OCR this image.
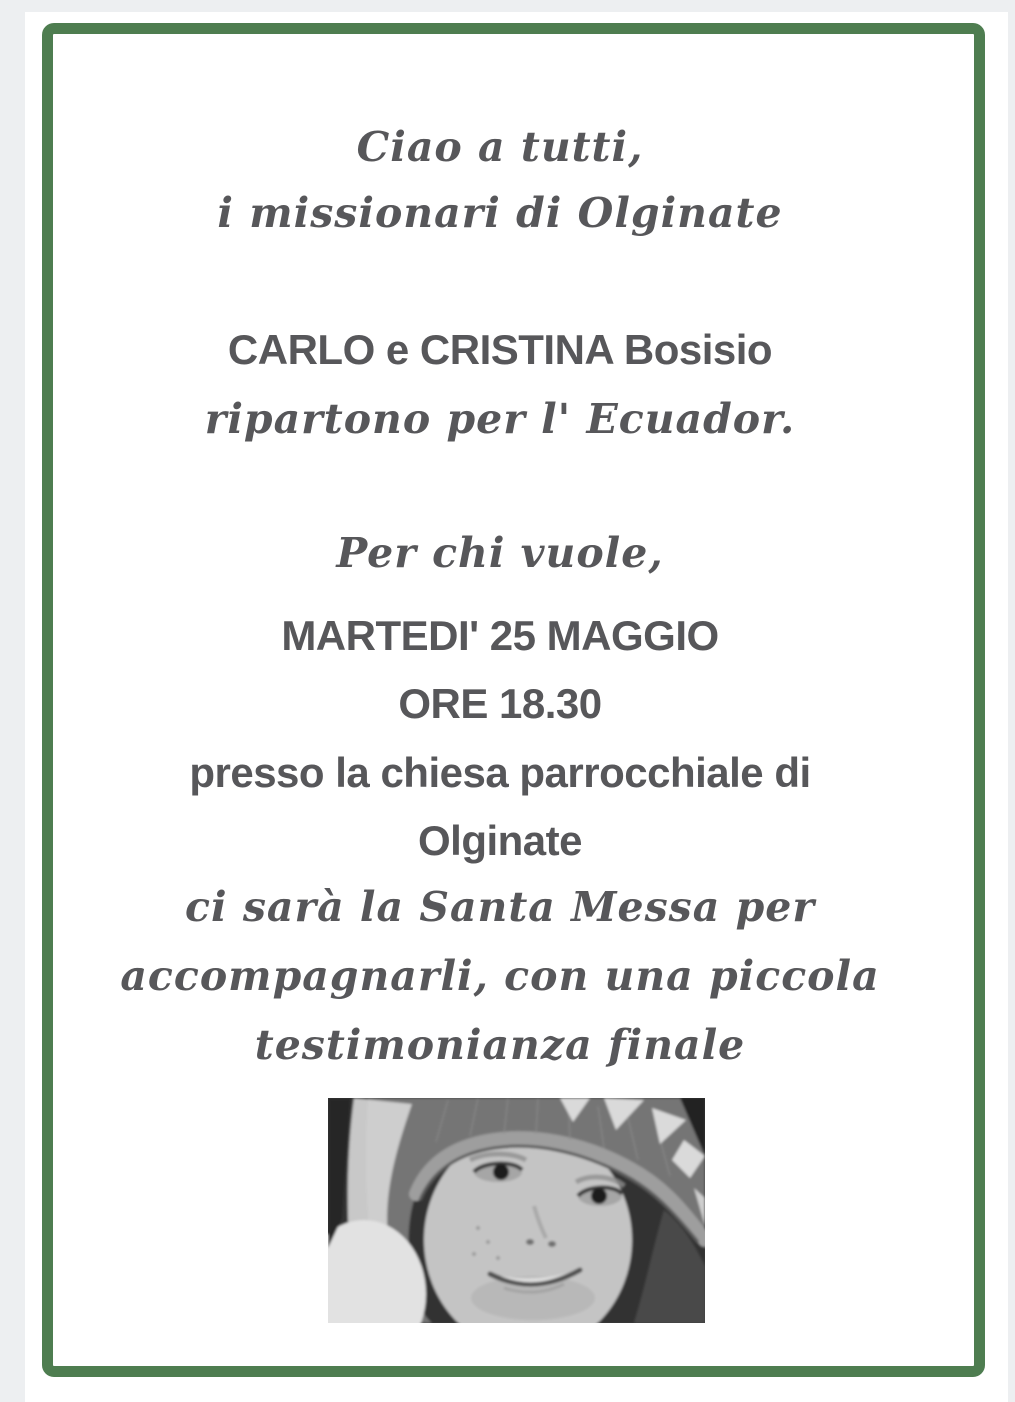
Ciao a tutti,
i missionari di Olginate
CARLO e CRISTINA Bosisio
ripartono per l' Ecuador.
Per chi vuole,
MARTEDI' 25 MAGGIO
ORE 18.30
presso la chiesa parrocchiale di
Olginate
ci sarà la Santa Messa per
accompagnarli, con una piccola
testimonianza finale
